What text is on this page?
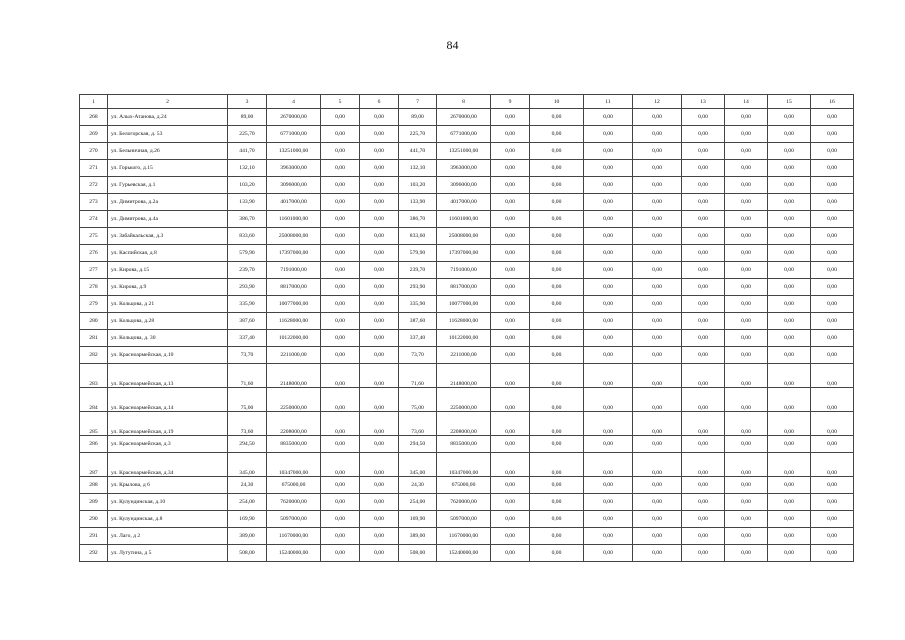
84
1	2	3	4	5	6	7	8	9	10	11	12	13	14	15	16
268	ул. Алых-Атанова, д.24	89,00	2670000,00	0,00	0,00	89,00	2670000,00	0,00	0,00	0,00	0,00	0,00	0,00	0,00	0,00
269	ул. Белогорская, д. 53	225,70	6771000,00	0,00	0,00	225,70	6771000,00	0,00	0,00	0,00	0,00	0,00	0,00	0,00	0,00
270	ул. Бельничная, д.26	441,70	13251000,00	0,00	0,00	441,70	13251000,00	0,00	0,00	0,00	0,00	0,00	0,00	0,00	0,00
271	ул. Горького, д.15	132,10	3963000,00	0,00	0,00	132,10	3963000,00	0,00	0,00	0,00	0,00	0,00	0,00	0,00	0,00
272	ул. Гурьевская, д.1	103,20	3096000,00	0,00	0,00	103,20	3096000,00	0,00	0,00	0,00	0,00	0,00	0,00	0,00	0,00
273	ул. Димитрова, д.2а	133,90	4017000,00	0,00	0,00	133,90	4017000,00	0,00	0,00	0,00	0,00	0,00	0,00	0,00	0,00
274	ул. Димитрова, д.4а	386,70	11601000,00	0,00	0,00	386,70	11601000,00	0,00	0,00	0,00	0,00	0,00	0,00	0,00	0,00
275	ул. Забайкальская, д.3	833,60	25008000,00	0,00	0,00	833,60	25008000,00	0,00	0,00	0,00	0,00	0,00	0,00	0,00	0,00
276	ул. Каспийская, д.8	579,90	17397000,00	0,00	0,00	579,90	17397000,00	0,00	0,00	0,00	0,00	0,00	0,00	0,00	0,00
277	ул. Кирова, д.15	239,70	7191000,00	0,00	0,00	239,70	7191000,00	0,00	0,00	0,00	0,00	0,00	0,00	0,00	0,00
278	ул. Кирова, д.9	293,90	8817000,00	0,00	0,00	293,90	8817000,00	0,00	0,00	0,00	0,00	0,00	0,00	0,00	0,00
279	ул. Кольцова, д 21	335,90	10077000,00	0,00	0,00	335,90	10077000,00	0,00	0,00	0,00	0,00	0,00	0,00	0,00	0,00
280	ул. Кольцова, д.28	387,60	11628000,00	0,00	0,00	387,60	11628000,00	0,00	0,00	0,00	0,00	0,00	0,00	0,00	0,00
281	ул. Кольцова, д. 30	337,40	10122000,00	0,00	0,00	337,40	10122000,00	0,00	0,00	0,00	0,00	0,00	0,00	0,00	0,00
282	ул. Красноармейская, д.10	73,70	2211000,00	0,00	0,00	73,70	2211000,00	0,00	0,00	0,00	0,00	0,00	0,00	0,00	0,00
283	ул. Красноармейская, д.13	71,60	2148000,00	0,00	0,00	71,60	2148000,00	0,00	0,00	0,00	0,00	0,00	0,00	0,00	0,00
284	ул. Красноармейская, д.14	75,00	2250000,00	0,00	0,00	75,00	2250000,00	0,00	0,00	0,00	0,00	0,00	0,00	0,00	0,00
285	ул. Красноармейская, д.19	73,60	2208000,00	0,00	0,00	73,60	2208000,00	0,00	0,00	0,00	0,00	0,00	0,00	0,00	0,00
286	ул. Красноармейская, д.3	294,50	8835000,00	0,00	0,00	294,50	8835000,00	0,00	0,00	0,00	0,00	0,00	0,00	0,00	0,00
287	ул. Красноармейская, д.34	345,00	10347000,00	0,00	0,00	345,00	10347000,00	0,00	0,00	0,00	0,00	0,00	0,00	0,00	0,00
288	ул. Крылова, д 6	24,30	675000,00	0,00	0,00	24,30	675000,00	0,00	0,00	0,00	0,00	0,00	0,00	0,00	0,00
289	ул. Кулундинская, д.10	254,00	7620000,00	0,00	0,00	254,00	7620000,00	0,00	0,00	0,00	0,00	0,00	0,00	0,00	0,00
290	ул. Кулундинская, д.8	169,90	5097000,00	0,00	0,00	169,90	5097000,00	0,00	0,00	0,00	0,00	0,00	0,00	0,00	0,00
291	ул. Лаго, д 2	389,00	11670000,00	0,00	0,00	389,00	11670000,00	0,00	0,00	0,00	0,00	0,00	0,00	0,00	0,00
292	ул. Лугутина, д 5	508,00	15240000,00	0,00	0,00	508,00	15240000,00	0,00	0,00	0,00	0,00	0,00	0,00	0,00	0,00
